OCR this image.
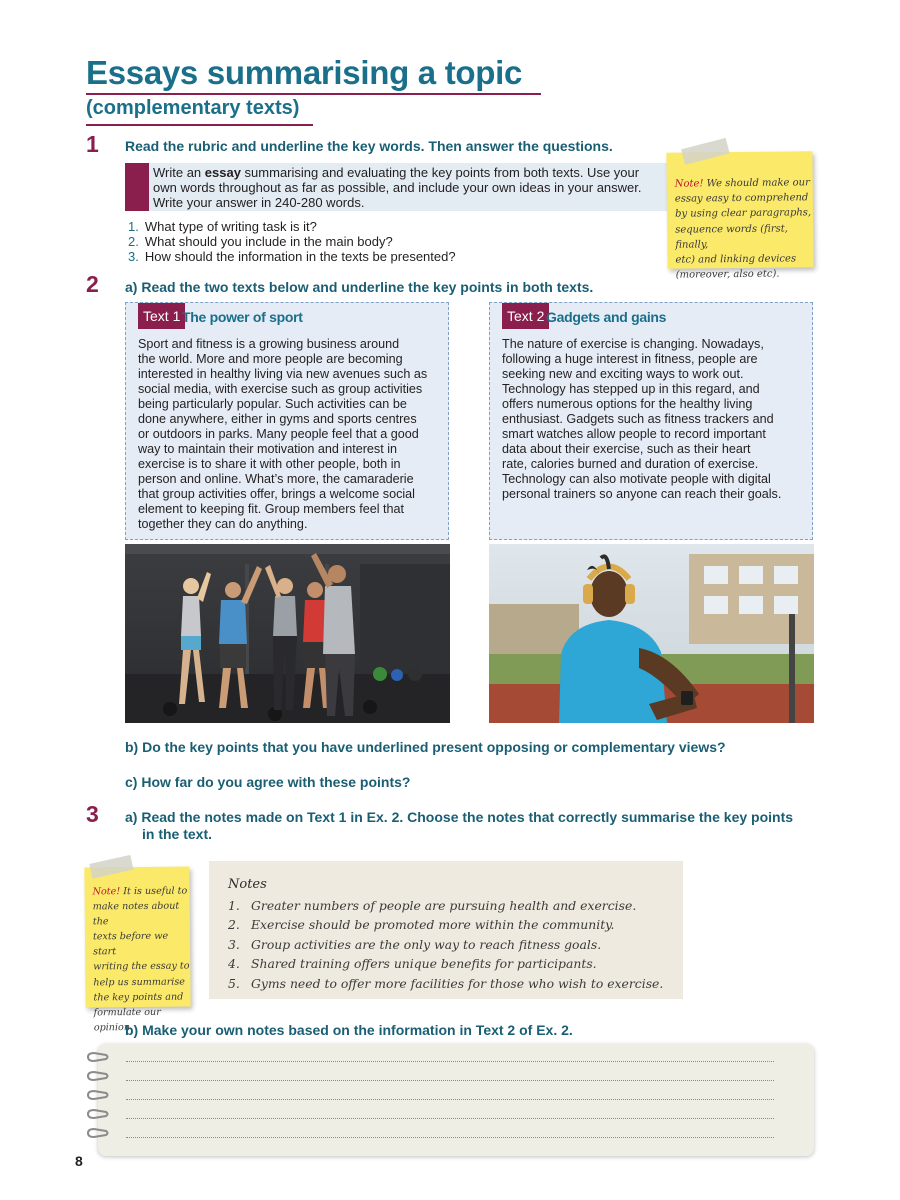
Essays summarising a topic
(complementary texts)
1 Read the rubric and underline the key words. Then answer the questions.
Write an essay summarising and evaluating the key points from both texts. Use your
own words throughout as far as possible, and include your own ideas in your answer.
Write your answer in 240-280 words.
1. What type of writing task is it?
2. What should you include in the main body?
3. How should the information in the texts be presented?
Note! We should make our
essay easy to comprehend
by using clear paragraphs,
sequence words (first, finally,
etc) and linking devices
(moreover, also etc).
2 a) Read the two texts below and underline the key points in both texts.
Text 1 The power of sport
Sport and fitness is a growing business around
the world. More and more people are becoming
interested in healthy living via new avenues such as
social media, with exercise such as group activities
being particularly popular. Such activities can be
done anywhere, either in gyms and sports centres
or outdoors in parks. Many people feel that a good
way to maintain their motivation and interest in
exercise is to share it with other people, both in
person and online. What’s more, the camaraderie
that group activities offer, brings a welcome social
element to keeping fit. Group members feel that
together they can do anything.
Text 2 Gadgets and gains
The nature of exercise is changing. Nowadays,
following a huge interest in fitness, people are
seeking new and exciting ways to work out.
Technology has stepped up in this regard, and
offers numerous options for the healthy living
enthusiast. Gadgets such as fitness trackers and
smart watches allow people to record important
data about their exercise, such as their heart
rate, calories burned and duration of exercise.
Technology can also motivate people with digital
personal trainers so anyone can reach their goals.
b) Do the key points that you have underlined present opposing or complementary views?
c) How far do you agree with these points?
3 a) Read the notes made on Text 1 in Ex. 2. Choose the notes that correctly summarise the key points
in the text.
Note! It is useful to
make notes about the
texts before we start
writing the essay to
help us summarise
the key points and
formulate our
opinion.
Notes
1. Greater numbers of people are pursuing health and exercise.
2. Exercise should be promoted more within the community.
3. Group activities are the only way to reach fitness goals.
4. Shared training offers unique benefits for participants.
5. Gyms need to offer more facilities for those who wish to exercise.
b) Make your own notes based on the information in Text 2 of Ex. 2.
8
